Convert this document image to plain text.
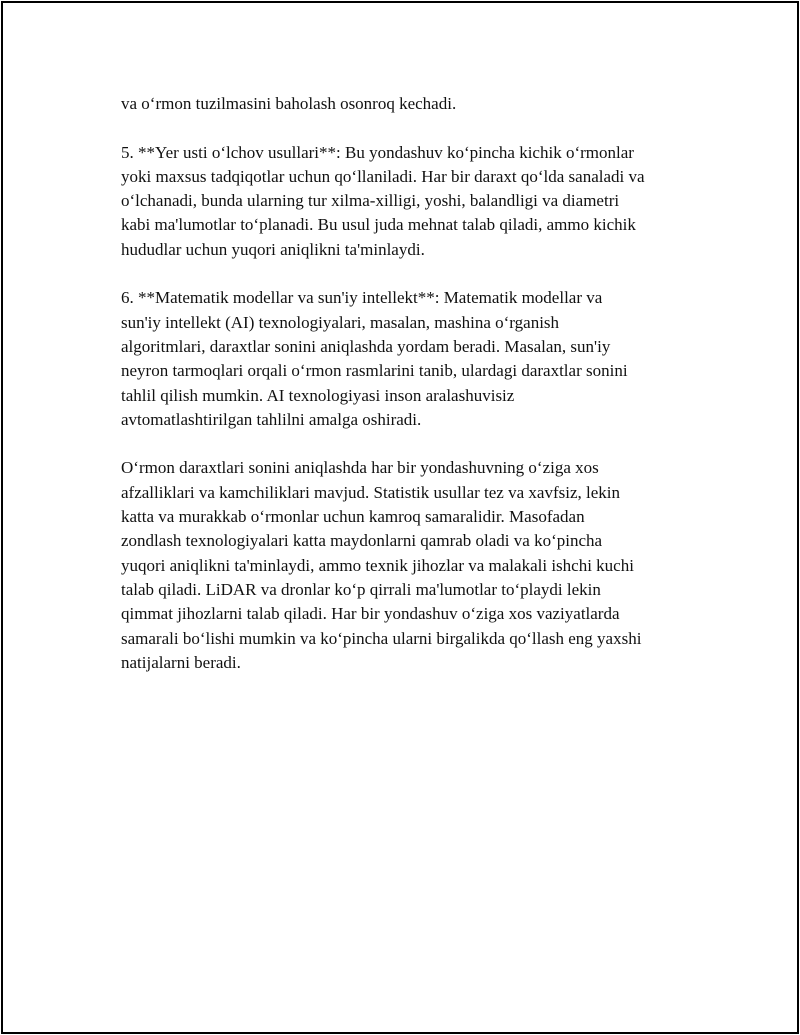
va o‘rmon tuzilmasini baholash osonroq kechadi.

5. **Yer usti o‘lchov usullari**: Bu yondashuv ko‘pincha kichik o‘rmonlar
yoki maxsus tadqiqotlar uchun qo‘llaniladi. Har bir daraxt qo‘lda sanaladi va
o‘lchanadi, bunda ularning tur xilma-xilligi, yoshi, balandligi va diametri
kabi ma'lumotlar to‘planadi. Bu usul juda mehnat talab qiladi, ammo kichik
hududlar uchun yuqori aniqlikni ta'minlaydi.

6. **Matematik modellar va sun'iy intellekt**: Matematik modellar va
sun'iy intellekt (AI) texnologiyalari, masalan, mashina o‘rganish
algoritmlari, daraxtlar sonini aniqlashda yordam beradi. Masalan, sun'iy
neyron tarmoqlari orqali o‘rmon rasmlarini tanib, ulardagi daraxtlar sonini
tahlil qilish mumkin. AI texnologiyasi inson aralashuvisiz
avtomatlashtirilgan tahlilni amalga oshiradi.

O‘rmon daraxtlari sonini aniqlashda har bir yondashuvning o‘ziga xos
afzalliklari va kamchiliklari mavjud. Statistik usullar tez va xavfsiz, lekin
katta va murakkab o‘rmonlar uchun kamroq samaralidir. Masofadan
zondlash texnologiyalari katta maydonlarni qamrab oladi va ko‘pincha
yuqori aniqlikni ta'minlaydi, ammo texnik jihozlar va malakali ishchi kuchi
talab qiladi. LiDAR va dronlar ko‘p qirrali ma'lumotlar to‘playdi lekin
qimmat jihozlarni talab qiladi. Har bir yondashuv o‘ziga xos vaziyatlarda
samarali bo‘lishi mumkin va ko‘pincha ularni birgalikda qo‘llash eng yaxshi
natijalarni beradi.
